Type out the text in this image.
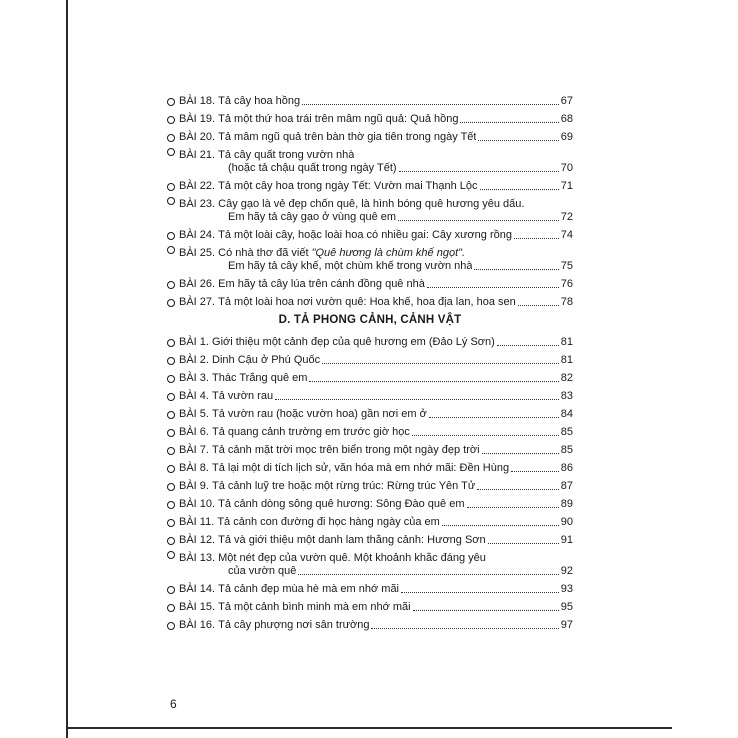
BÀI 18.
Tả cây hoa hồng	67
BÀI 19.
Tả một thứ hoa trái trên mâm ngũ quả: Quả hồng	68
BÀI 20.
Tả mâm ngũ quả trên bàn thờ gia tiên trong ngày Tết	69
BÀI 21.
Tả cây quất trong vườn nhà
(hoặc tả chậu quất trong ngày Tết)	70
BÀI 22.
Tả một cây hoa trong ngày Tết: Vườn mai Thạnh Lộc	71
BÀI 23.
Cây gạo là vẻ đẹp chốn quê, là hình bóng quê hương yêu dấu.
Em hãy tả cây gạo ở vùng quê em	72
BÀI 24.
Tả một loài cây, hoặc loài hoa có nhiều gai: Cây xương rồng	74
BÀI 25.
Có nhà thơ đã viết "Quê hương là chùm khế ngọt".
Em hãy tả cây khế, một chùm khế trong vườn nhà	75
BÀI 26.
Em hãy tả cây lúa trên cánh đồng quê nhà	76
BÀI 27.
Tả một loài hoa nơi vườn quê: Hoa khế, hoa địa lan, hoa sen	78
D. TẢ PHONG CẢNH, CẢNH VẬT
BÀI 1.
Giới thiệu một cảnh đẹp của quê hương em (Đảo Lý Sơn)	81
BÀI 2.
Dinh Cậu ở Phú Quốc	81
BÀI 3.
Thác Trắng quê em	82
BÀI 4.
Tả vườn rau	83
BÀI 5.
Tả vườn rau (hoặc vườn hoa) gần nơi em ở	84
BÀI 6.
Tả quang cảnh trường em trước giờ học	85
BÀI 7.
Tả cảnh mặt trời mọc trên biển trong một ngày đẹp trời	85
BÀI 8.
Tả lại một di tích lịch sử, văn hóa mà em nhớ mãi: Đền Hùng	86
BÀI 9.
Tả cảnh luỹ tre hoặc một rừng trúc: Rừng trúc Yên Tử	87
BÀI 10.
Tả cảnh dòng sông quê hương: Sông Đào quê em	89
BÀI 11.
Tả cảnh con đường đi học hàng ngày của em	90
BÀI 12.
Tả và giới thiệu một danh lam thắng cảnh: Hương Sơn	91
BÀI 13.
Một nét đẹp của vườn quê. Một khoảnh khắc đáng yêu
của vườn quê	92
BÀI 14.
Tả cảnh đẹp mùa hè mà em nhớ mãi	93
BÀI 15.
Tả một cảnh bình minh mà em nhớ mãi	95
BÀI 16.
Tả cây phượng nơi sân trường	97
6
